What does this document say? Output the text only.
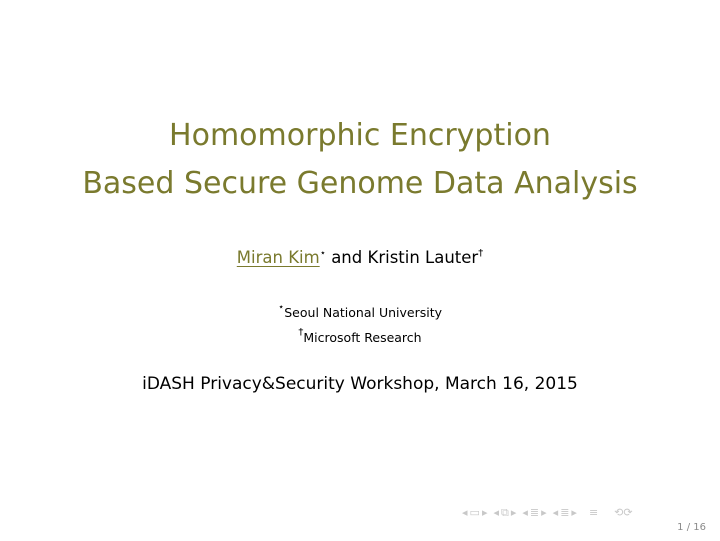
Homomorphic Encryption
Based Secure Genome Data Analysis
Miran Kim⋆ and Kristin Lauter†
⋆Seoul National University
†Microsoft Research
iDASH Privacy&Security Workshop, March 16, 2015
◂ ▭ ▸ ◂ ⧉ ▸ ◂ ≣ ▸ ◂ ≣ ▸ ≡ ⟲⟳
1 / 16
